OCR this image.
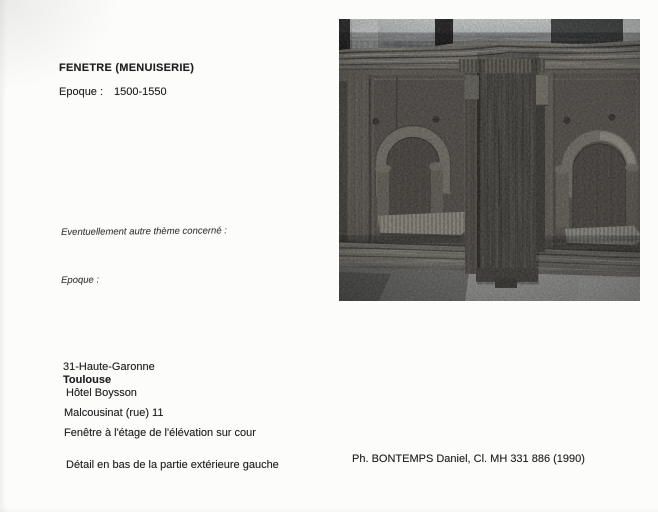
FENETRE (MENUISERIE)
Epoque : 1500-1550
Eventuellement autre thème concerné :
Epoque :
31-Haute-Garonne
Toulouse
Hôtel Boysson
Malcousinat (rue) 11
Fenêtre à l'étage de l'élévation sur cour
Détail en bas de la partie extérieure gauche	Ph. BONTEMPS Daniel, Cl. MH 331 886 (1990)
